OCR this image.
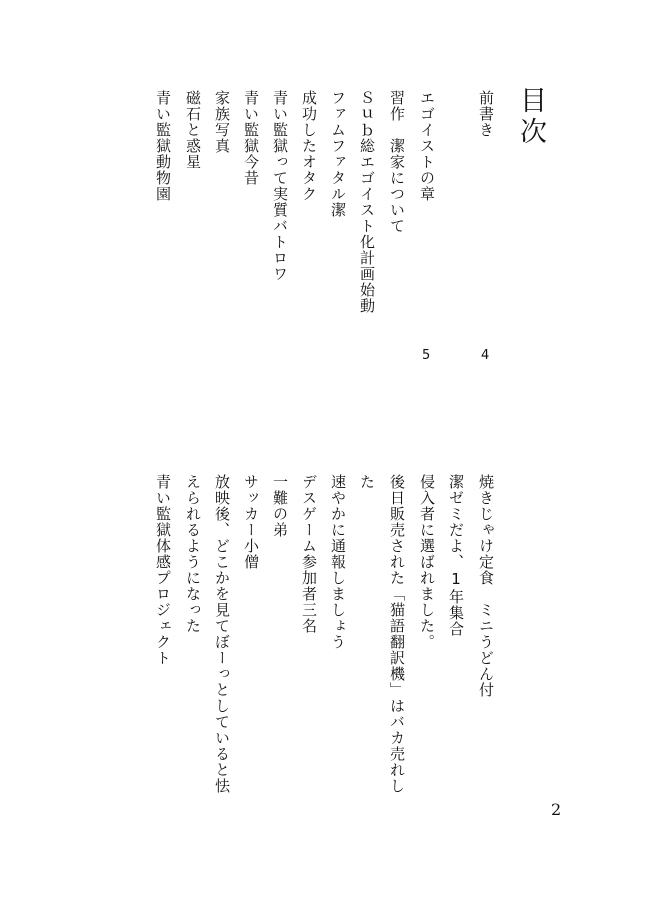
目次
前書き
エゴイストの章
習作　潔家について
Ｓｕｂ総エゴイスト化計画始動
ファムファタル潔
成功したオタク
青い監獄って実質バトロワ
青い監獄今昔
家族写真
磁石と惑星
青い監獄動物園
4
5
焼きじゃけ定食　ミニうどん付
潔ゼミだよ、1年集合
侵入者に選ばれました。
後日販売された「猫語翻訳機」はバカ売れし
た
速やかに通報しましょう
デスゲーム参加者三名
一難の弟
サッカー小僧
放映後、どこかを見てぼーっとしていると怯
えられるようになった
青い監獄体感プロジェクト
2
